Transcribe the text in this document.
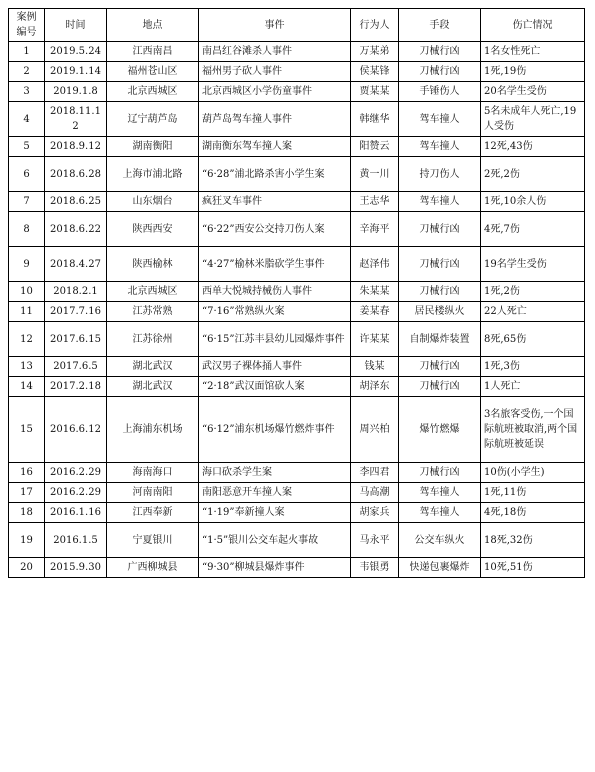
案例编号	时间	地点	事件	行为人	手段	伤亡情况
1	2019.5.24	江西南昌	南昌红谷滩杀人事件	万某弟	刀械行凶	1名女性死亡
2	2019.1.14	福州苍山区	福州男子砍人事件	侯某锋	刀械行凶	1死,19伤
3	2019.1.8	北京西城区	北京西城区小学伤童事件	贾某某	手锤伤人	20名学生受伤
4	2018.11.12	辽宁葫芦岛	葫芦岛驾车撞人事件	韩继华	驾车撞人	5名未成年人死亡,19人受伤
5	2018.9.12	湖南衡阳	湖南衡东驾车撞人案	阳赞云	驾车撞人	12死,43伤
6	2018.6.28	上海市浦北路	“6·28”浦北路杀害小学生案	黄一川	持刀伤人	2死,2伤
7	2018.6.25	山东烟台	疯狂叉车事件	王志华	驾车撞人	1死,10余人伤
8	2018.6.22	陕西西安	“6·22”西安公交持刀伤人案	辛海平	刀械行凶	4死,7伤
9	2018.4.27	陕西榆林	“4·27”榆林米脂砍学生事件	赵泽伟	刀械行凶	19名学生受伤
10	2018.2.1	北京西城区	西单大悦城持械伤人事件	朱某某	刀械行凶	1死,2伤
11	2017.7.16	江苏常熟	“7·16”常熟纵火案	姜某春	居民楼纵火	22人死亡
12	2017.6.15	江苏徐州	“6·15”江苏丰县幼儿园爆炸事件	许某某	自制爆炸装置	8死,65伤
13	2017.6.5	湖北武汉	武汉男子裸体捅人事件	钱某	刀械行凶	1死,3伤
14	2017.2.18	湖北武汉	“2·18”武汉面馆砍人案	胡泽东	刀械行凶	1人死亡
15	2016.6.12	上海浦东机场	“6·12”浦东机场爆竹燃炸事件	周兴柏	爆竹燃爆	3名旅客受伤,一个国际航班被取消,两个国际航班被延误
16	2016.2.29	海南海口	海口砍杀学生案	李四君	刀械行凶	10伤(小学生)
17	2016.2.29	河南南阳	南阳恶意开车撞人案	马高潮	驾车撞人	1死,11伤
18	2016.1.16	江西奉新	“1·19”奉新撞人案	胡家兵	驾车撞人	4死,18伤
19	2016.1.5	宁夏银川	“1·5”银川公交车起火事故	马永平	公交车纵火	18死,32伤
20	2015.9.30	广西柳城县	“9·30”柳城县爆炸事件	韦银勇	快递包裹爆炸	10死,51伤
